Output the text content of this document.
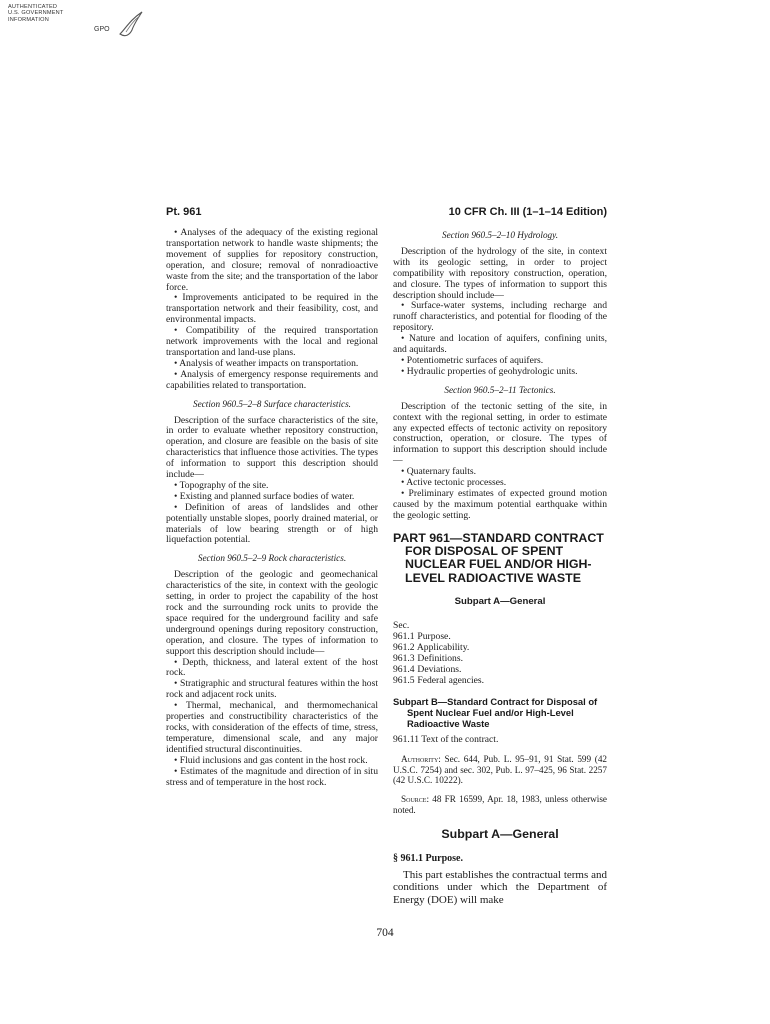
AUTHENTICATED
U.S. GOVERNMENT
INFORMATION
GPO
Pt. 961	10 CFR Ch. III (1–1–14 Edition)

• Analyses of the adequacy of the existing regional transportation network to handle waste shipments; the movement of supplies for repository construction, operation, and closure; removal of nonradioactive waste from the site; and the transportation of the labor force.

• Improvements anticipated to be required in the transportation network and their feasibility, cost, and environmental impacts.

• Compatibility of the required transportation network improvements with the local and regional transportation and land-use plans.

• Analysis of weather impacts on transportation.

• Analysis of emergency response requirements and capabilities related to transportation.

Section 960.5–2–8 Surface characteristics.

Description of the surface characteristics of the site, in order to evaluate whether repository construction, operation, and closure are feasible on the basis of site characteristics that influence those activities. The types of information to support this description should include—

• Topography of the site.

• Existing and planned surface bodies of water.

• Definition of areas of landslides and other potentially unstable slopes, poorly drained material, or materials of low bearing strength or of high liquefaction potential.

Section 960.5–2–9 Rock characteristics.

Description of the geologic and geomechanical characteristics of the site, in context with the geologic setting, in order to project the capability of the host rock and the surrounding rock units to provide the space required for the underground facility and safe underground openings during repository construction, operation, and closure. The types of information to support this description should include—

• Depth, thickness, and lateral extent of the host rock.

• Stratigraphic and structural features within the host rock and adjacent rock units.

• Thermal, mechanical, and thermomechanical properties and constructibility characteristics of the rocks, with consideration of the effects of time, stress, temperature, dimensional scale, and any major identified structural discontinuities.

• Fluid inclusions and gas content in the host rock.

• Estimates of the magnitude and direction of in situ stress and of temperature in the host rock.

Section 960.5–2–10 Hydrology.

Description of the hydrology of the site, in context with its geologic setting, in order to project compatibility with repository construction, operation, and closure. The types of information to support this description should include—

• Surface-water systems, including recharge and runoff characteristics, and potential for flooding of the repository.

• Nature and location of aquifers, confining units, and aquitards.

• Potentiometric surfaces of aquifers.

• Hydraulic properties of geohydrologic units.

Section 960.5–2–11 Tectonics.

Description of the tectonic setting of the site, in context with the regional setting, in order to estimate any expected effects of tectonic activity on repository construction, operation, or closure. The types of information to support this description should include—

• Quaternary faults.

• Active tectonic processes.

• Preliminary estimates of expected ground motion caused by the maximum potential earthquake within the geologic setting.

PART 961—STANDARD CONTRACT FOR DISPOSAL OF SPENT NUCLEAR FUEL AND/OR HIGH-LEVEL RADIOACTIVE WASTE

Subpart A—General

Sec.

961.1 Purpose.

961.2 Applicability.

961.3 Definitions.

961.4 Deviations.

961.5 Federal agencies.

Subpart B—Standard Contract for Disposal of Spent Nuclear Fuel and/or High-Level Radioactive Waste

961.11 Text of the contract.

Authority: Sec. 644, Pub. L. 95–91, 91 Stat. 599 (42 U.S.C. 7254) and sec. 302, Pub. L. 97–425, 96 Stat. 2257 (42 U.S.C. 10222).

Source: 48 FR 16599, Apr. 18, 1983, unless otherwise noted.

Subpart A—General

§ 961.1 Purpose.

This part establishes the contractual terms and conditions under which the Department of Energy (DOE) will make

704
